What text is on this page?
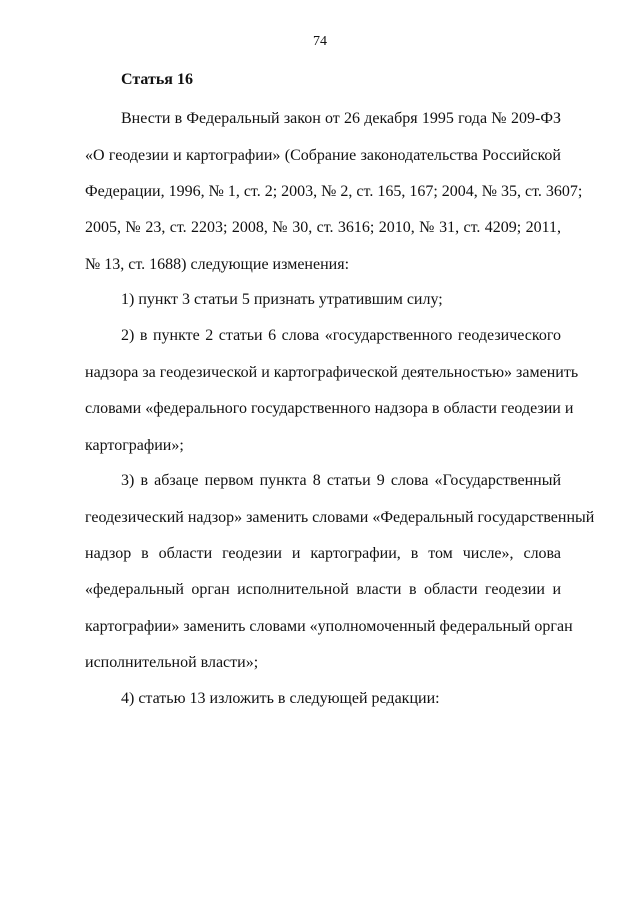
74
Статья 16
Внести в Федеральный закон от 26 декабря 1995 года № 209-ФЗ
«О геодезии и картографии» (Собрание законодательства Российской
Федерации, 1996, № 1, ст. 2; 2003, № 2, ст. 165, 167; 2004, № 35, ст. 3607;
2005, № 23, ст. 2203; 2008, № 30, ст. 3616; 2010, № 31, ст. 4209; 2011,
№ 13, ст. 1688) следующие изменения:
1) пункт 3 статьи 5 признать утратившим силу;
2) в пункте 2 статьи 6 слова «государственного геодезического
надзора за геодезической и картографической деятельностью» заменить
словами «федерального государственного надзора в области геодезии и
картографии»;
3) в абзаце первом пункта 8 статьи 9 слова «Государственный
геодезический надзор» заменить словами «Федеральный государственный
надзор в области геодезии и картографии, в том числе», слова
«федеральный орган исполнительной власти в области геодезии и
картографии» заменить словами «уполномоченный федеральный орган
исполнительной власти»;
4) статью 13 изложить в следующей редакции:
